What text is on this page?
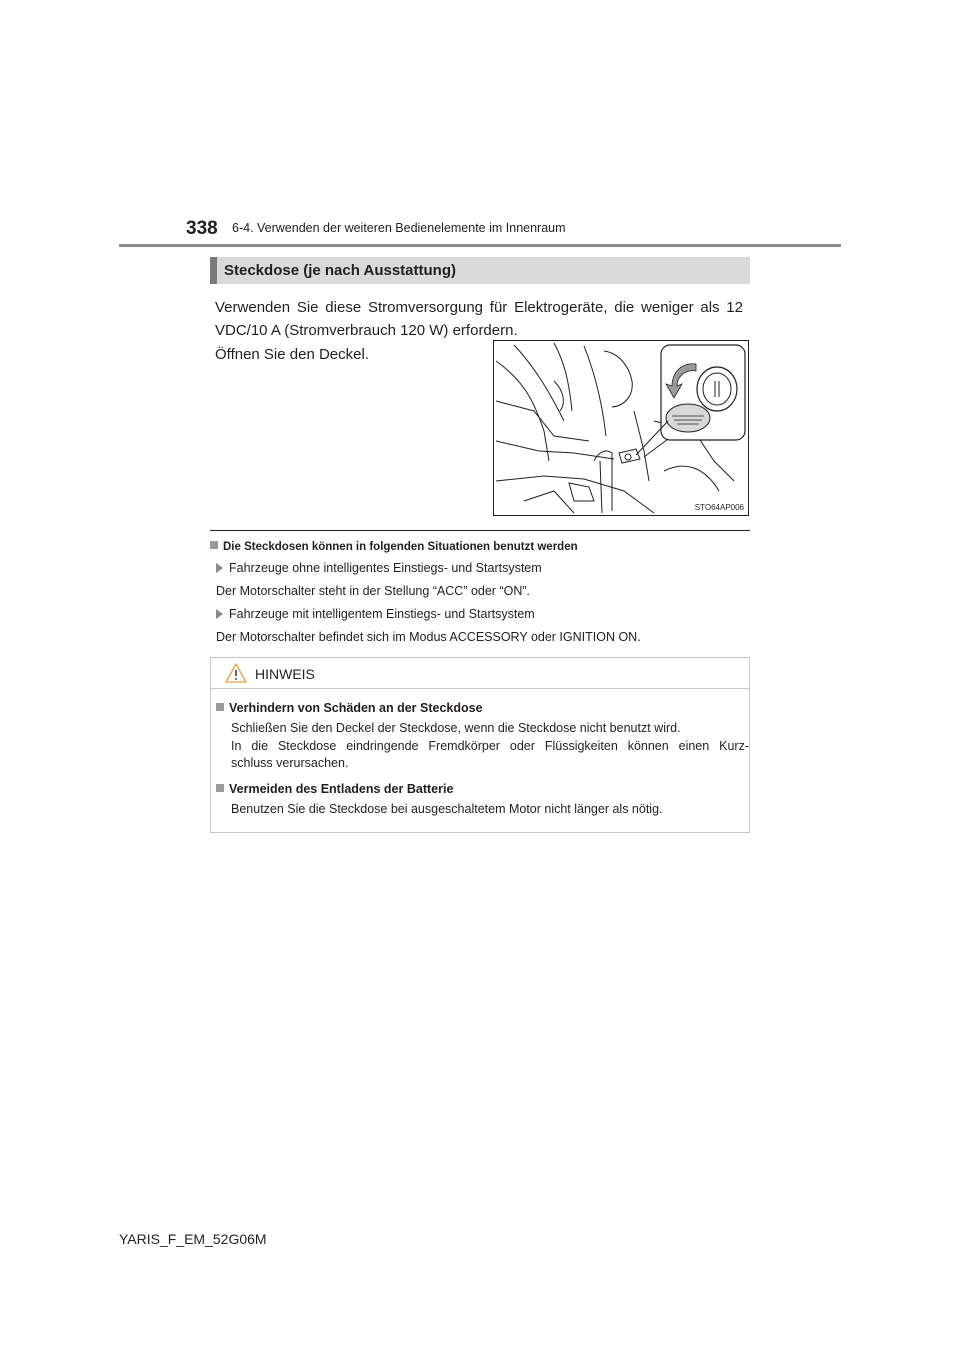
338 6-4. Verwenden der weiteren Bedienelemente im Innenraum
Steckdose (je nach Ausstattung)
Verwenden Sie diese Stromversorgung für Elektrogeräte, die weniger als 12 VDC/10 A (Stromverbrauch 120 W) erfordern.
Öffnen Sie den Deckel.
STO64AP006
Die Steckdosen können in folgenden Situationen benutzt werden
Fahrzeuge ohne intelligentes Einstiegs- und Startsystem
Der Motorschalter steht in der Stellung “ACC” oder “ON”.
Fahrzeuge mit intelligentem Einstiegs- und Startsystem
Der Motorschalter befindet sich im Modus ACCESSORY oder IGNITION ON.
HINWEIS
Verhindern von Schäden an der Steckdose
Schließen Sie den Deckel der Steckdose, wenn die Steckdose nicht benutzt wird.
In die Steckdose eindringende Fremdkörper oder Flüssigkeiten können einen Kurz-
schluss verursachen.
Vermeiden des Entladens der Batterie
Benutzen Sie die Steckdose bei ausgeschaltetem Motor nicht länger als nötig.
YARIS_F_EM_52G06M
